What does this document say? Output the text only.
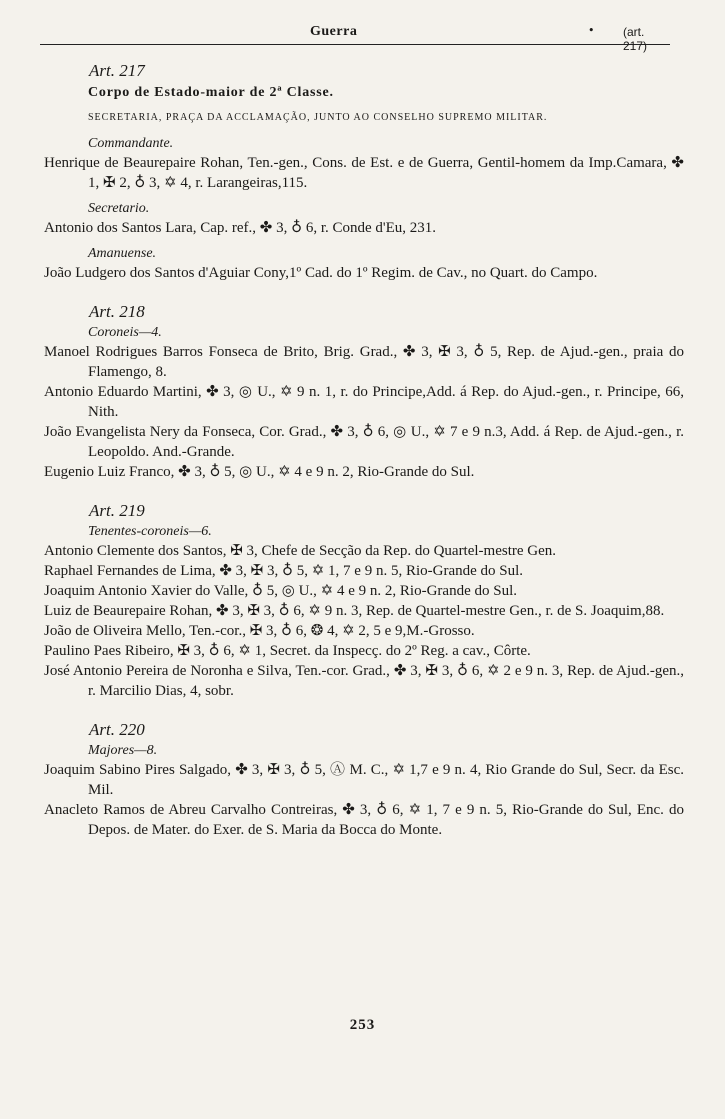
Guerra	• (art. 217)
Art. 217
Corpo de Estado-maior de 2ª Classe.
SECRETARIA, PRAÇA DA ACCLAMAÇÃO, JUNTO AO CONSELHO SUPREMO MILITAR.
Commandante.

Henrique de Beaurepaire Rohan, Ten.-gen., Cons. de Est. e de Guerra, Gentil-homem da Imp.Camara, ✤ 1, ✠ 2, ♁ 3, ✡ 4, r. Larangeiras,115.

Secretario.

Antonio dos Santos Lara, Cap. ref., ✤ 3, ♁ 6, r. Conde d'Eu, 231.

Amanuense.

João Ludgero dos Santos d'Aguiar Cony,1º Cad. do 1º Regim. de Cav., no Quart. do Campo.

Art. 218
Coroneis—4.

Manoel Rodrigues Barros Fonseca de Brito, Brig. Grad., ✤ 3, ✠ 3, ♁ 5, Rep. de Ajud.-gen., praia do Flamengo, 8.

Antonio Eduardo Martini, ✤ 3, ◎ U., ✡ 9 n. 1, r. do Principe,Add. á Rep. do Ajud.-gen., r. Principe, 66, Nith.

João Evangelista Nery da Fonseca, Cor. Grad., ✤ 3, ♁ 6, ◎ U., ✡ 7 e 9 n.3, Add. á Rep. de Ajud.-gen., r. Leopoldo. And.-Grande.

Eugenio Luiz Franco, ✤ 3, ♁ 5, ◎ U., ✡ 4 e 9 n. 2, Rio-Grande do Sul.

Art. 219
Tenentes-coroneis—6.

Antonio Clemente dos Santos, ✠ 3, Chefe de Secção da Rep. do Quartel-mestre Gen.

Raphael Fernandes de Lima, ✤ 3, ✠ 3, ♁ 5, ✡ 1, 7 e 9 n. 5, Rio-Grande do Sul.

Joaquim Antonio Xavier do Valle, ♁ 5, ◎ U., ✡ 4 e 9 n. 2, Rio-Grande do Sul.

Luiz de Beaurepaire Rohan, ✤ 3, ✠ 3, ♁ 6, ✡ 9 n. 3, Rep. de Quartel-mestre Gen., r. de S. Joaquim,88.

João de Oliveira Mello, Ten.-cor., ✠ 3, ♁ 6, ❂ 4, ✡ 2, 5 e 9,M.-Grosso.

Paulino Paes Ribeiro, ✠ 3, ♁ 6, ✡ 1, Secret. da Inspecç. do 2º Reg. a cav., Côrte.

José Antonio Pereira de Noronha e Silva, Ten.-cor. Grad., ✤ 3, ✠ 3, ♁ 6, ✡ 2 e 9 n. 3, Rep. de Ajud.-gen., r. Marcilio Dias, 4, sobr.

Art. 220
Majores—8.

Joaquim Sabino Pires Salgado, ✤ 3, ✠ 3, ♁ 5, Ⓐ M. C., ✡ 1,7 e 9 n. 4, Rio Grande do Sul, Secr. da Esc. Mil.

Anacleto Ramos de Abreu Carvalho Contreiras, ✤ 3, ♁ 6, ✡ 1, 7 e 9 n. 5, Rio-Grande do Sul, Enc. do Depos. de Mater. do Exer. de S. Maria da Bocca do Monte.

253
